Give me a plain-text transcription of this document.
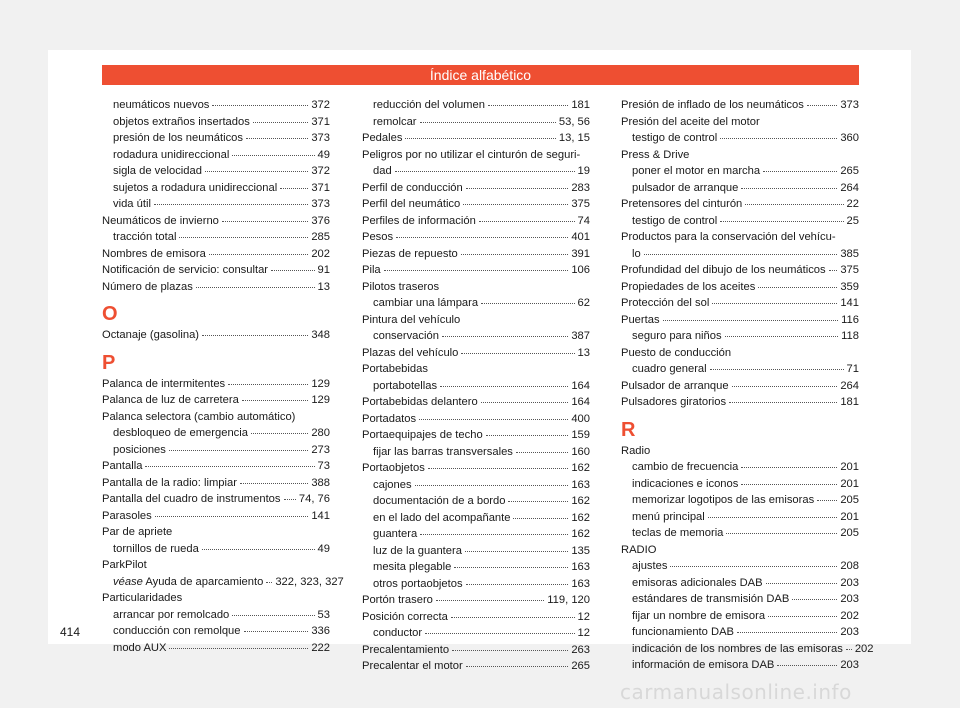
Índice alfabético
neumáticos nuevos	372
objetos extraños insertados	371
presión de los neumáticos	373
rodadura unidireccional	49
sigla de velocidad	372
sujetos a rodadura unidireccional	371
vida útil	373
Neumáticos de invierno	376
tracción total	285
Nombres de emisora	202
Notificación de servicio: consultar	91
Número de plazas	13
O
Octanaje (gasolina)	348
P
Palanca de intermitentes	129
Palanca de luz de carretera	129
Palanca selectora (cambio automático)
desbloqueo de emergencia	280
posiciones	273
Pantalla	73
Pantalla de la radio: limpiar	388
Pantalla del cuadro de instrumentos 74, 76
Parasoles	141
Par de apriete
tornillos de rueda	49
ParkPilot
véase Ayuda de aparcamiento 322, 323, 327
Particularidades
arrancar por remolcado	53
conducción con remolque	336
modo AUX	222
reducción del volumen	181
remolcar	53, 56
Pedales	13, 15
Peligros por no utilizar el cinturón de seguri-
dad	19
Perfil de conducción	283
Perfil del neumático	375
Perfiles de información	74
Pesos	401
Piezas de repuesto	391
Pila	106
Pilotos traseros
cambiar una lámpara	62
Pintura del vehículo
conservación	387
Plazas del vehículo	13
Portabebidas
portabotellas	164
Portabebidas delantero	164
Portadatos	400
Portaequipajes de techo	159
fijar las barras transversales	160
Portaobjetos	162
cajones	163
documentación de a bordo	162
en el lado del acompañante	162
guantera	162
luz de la guantera	135
mesita plegable	163
otros portaobjetos	163
Portón trasero	119, 120
Posición correcta	12
conductor	12
Precalentamiento	263
Precalentar el motor	265
Presión de inflado de los neumáticos	373
Presión del aceite del motor
testigo de control	360
Press & Drive
poner el motor en marcha	265
pulsador de arranque	264
Pretensores del cinturón	22
testigo de control	25
Productos para la conservación del vehícu-
lo	385
Profundidad del dibujo de los neumáticos 375
Propiedades de los aceites	359
Protección del sol	141
Puertas	116
seguro para niños	118
Puesto de conducción
cuadro general	71
Pulsador de arranque	264
Pulsadores giratorios	181
R
Radio
cambio de frecuencia	201
indicaciones e iconos	201
memorizar logotipos de las emisoras 205
menú principal	201
teclas de memoria	205
RADIO
ajustes	208
emisoras adicionales DAB	203
estándares de transmisión DAB	203
fijar un nombre de emisora	202
funcionamiento DAB	203
indicación de los nombres de las emisoras 202
información de emisora DAB	203
414
carmanualsonline.info
